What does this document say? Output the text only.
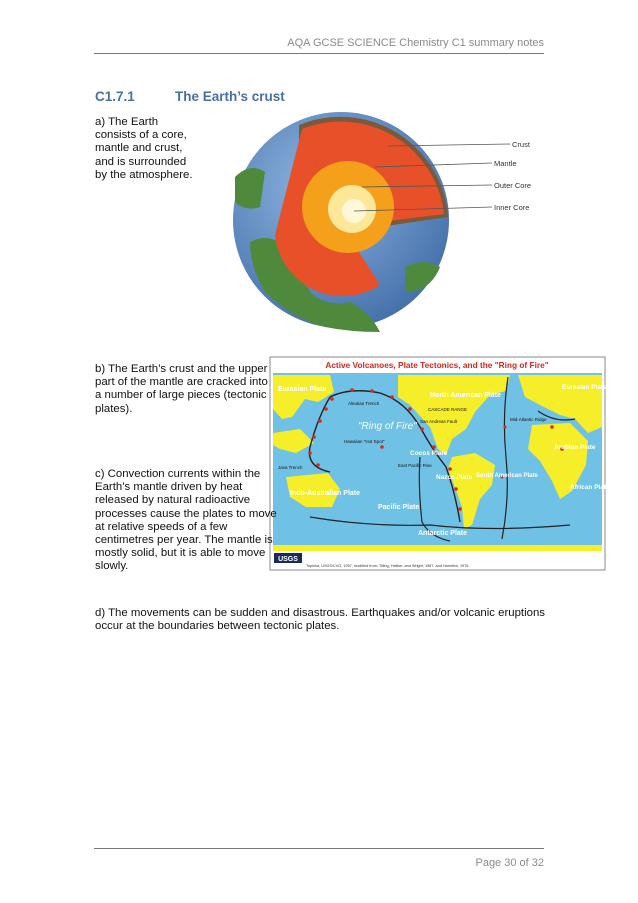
AQA GCSE SCIENCE Chemistry C1 summary notes
C1.7.1	The Earth’s crust

a) The Earth consists of a core, mantle and crust, and is surrounded by the atmosphere.

Crust
Mantle
Outer Core
Inner Core

b) The Earth’s crust and the upper part of the mantle are cracked into a number of large pieces (tectonic plates).

Active Volcanoes, Plate Tectonics, and the "Ring of Fire"
Eurasian Plate
North American Plate
Eurasian Plate
Arabian Plate
Cocos Plate
Nazca Plate South American Plate
African Plate
Indo-Australian Plate
Pacific Plate
Antarctic Plate
"Ring of Fire"
Aleutian Trench
CASCADE RANGE
San Andreas Fault
Hawaiian "Hot Spot"
East Pacific Rise
Java Trench
Mid-Atlantic Ridge
USGS
Topinka, USGS/CVO, 1997, modified from: Tilling, Heliker, and Wright, 1987, and Hamilton, 1976

c) Convection currents within the Earth’s mantle driven by heat released by natural radioactive processes cause the plates to move at relative speeds of a few centimetres per year. The mantle is mostly solid, but it is able to move slowly.

d) The movements can be sudden and disastrous. Earthquakes and/or volcanic eruptions occur at the boundaries between tectonic plates.

Page 30 of 32
